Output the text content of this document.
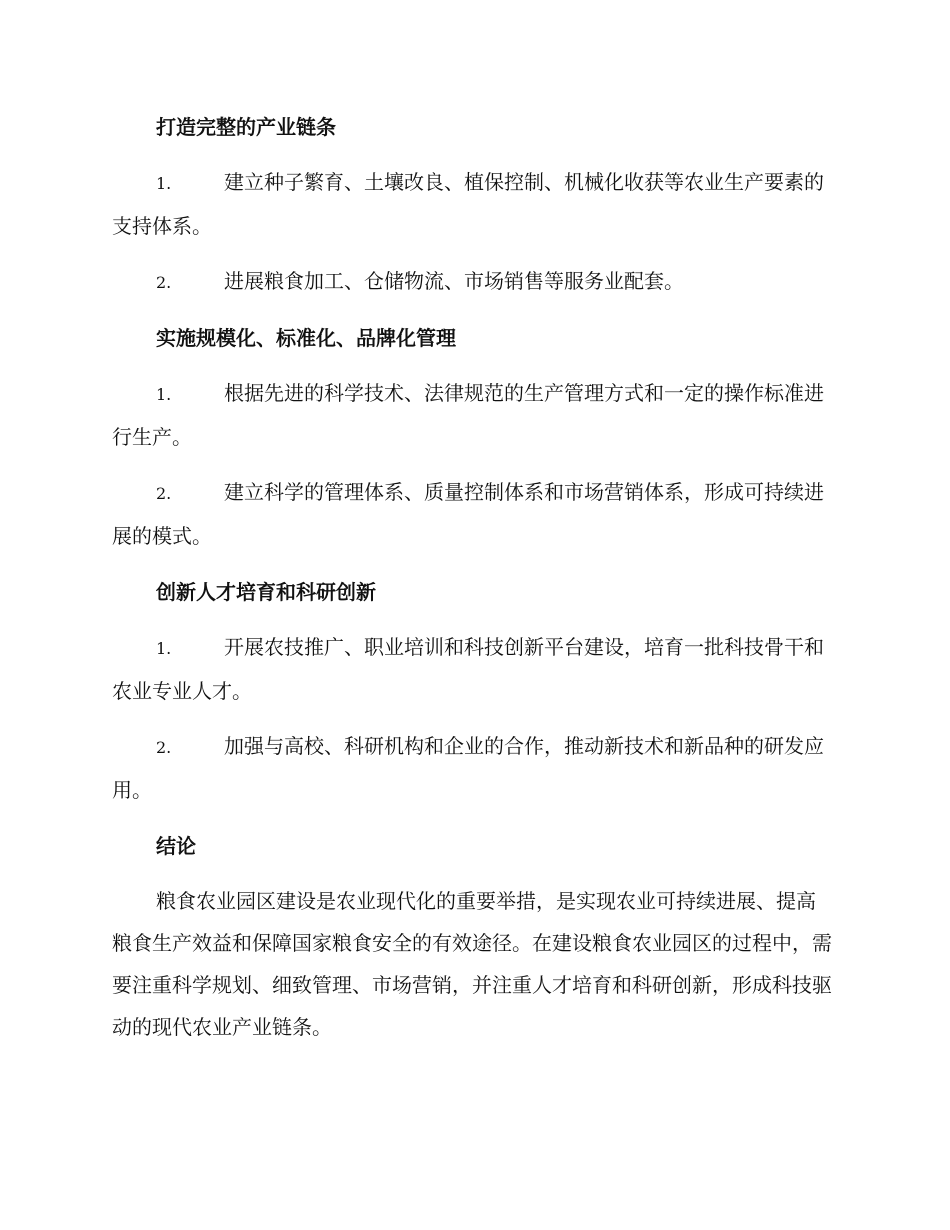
打造完整的产业链条

1.	建立种子繁育、土壤改良、植保控制、机械化收获等农业生产要素的支持体系。

2.	进展粮食加工、仓储物流、市场销售等服务业配套。

实施规模化、标准化、品牌化管理

1.	根据先进的科学技术、法律规范的生产管理方式和一定的操作标准进行生产。

2.	建立科学的管理体系、质量控制体系和市场营销体系，形成可持续进展的模式。

创新人才培育和科研创新

1.	开展农技推广、职业培训和科技创新平台建设，培育一批科技骨干和农业专业人才。

2.	加强与高校、科研机构和企业的合作，推动新技术和新品种的研发应用。

结论

粮食农业园区建设是农业现代化的重要举措，是实现农业可持续进展、提高粮食生产效益和保障国家粮食安全的有效途径。在建设粮食农业园区的过程中，需要注重科学规划、细致管理、市场营销，并注重人才培育和科研创新，形成科技驱动的现代农业产业链条。
